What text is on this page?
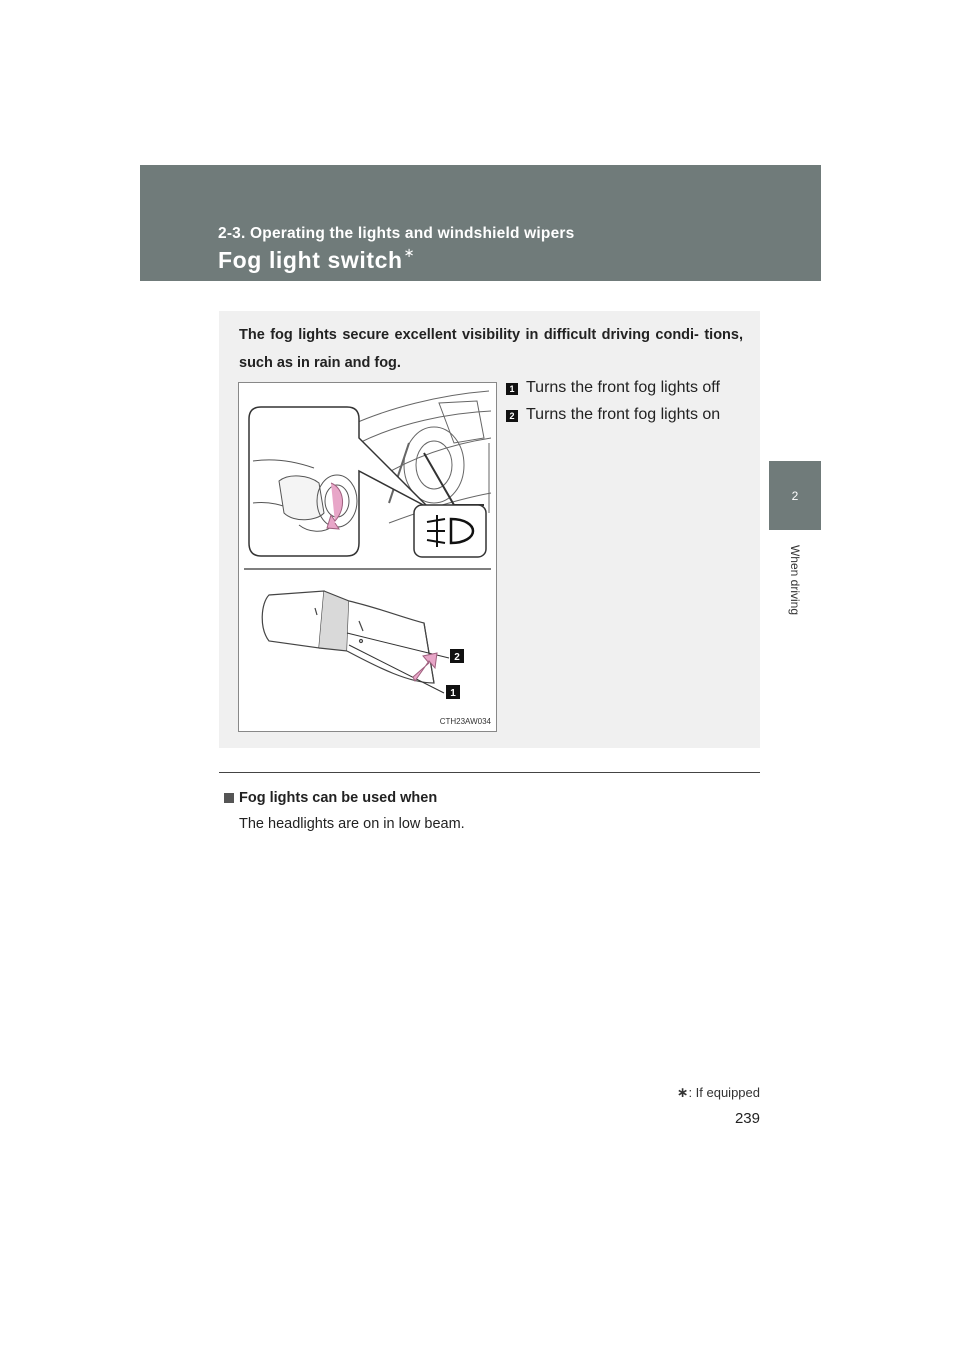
2-3. Operating the lights and windshield wipers
Fog light switch∗
2
When driving
The fog lights secure excellent visibility in difficult driving condi- tions, such as in rain and fog.
2
1
CTH23AW034
1 Turns the front fog lights off
2 Turns the front fog lights on
Fog lights can be used when
The headlights are on in low beam.
∗: If equipped
239
